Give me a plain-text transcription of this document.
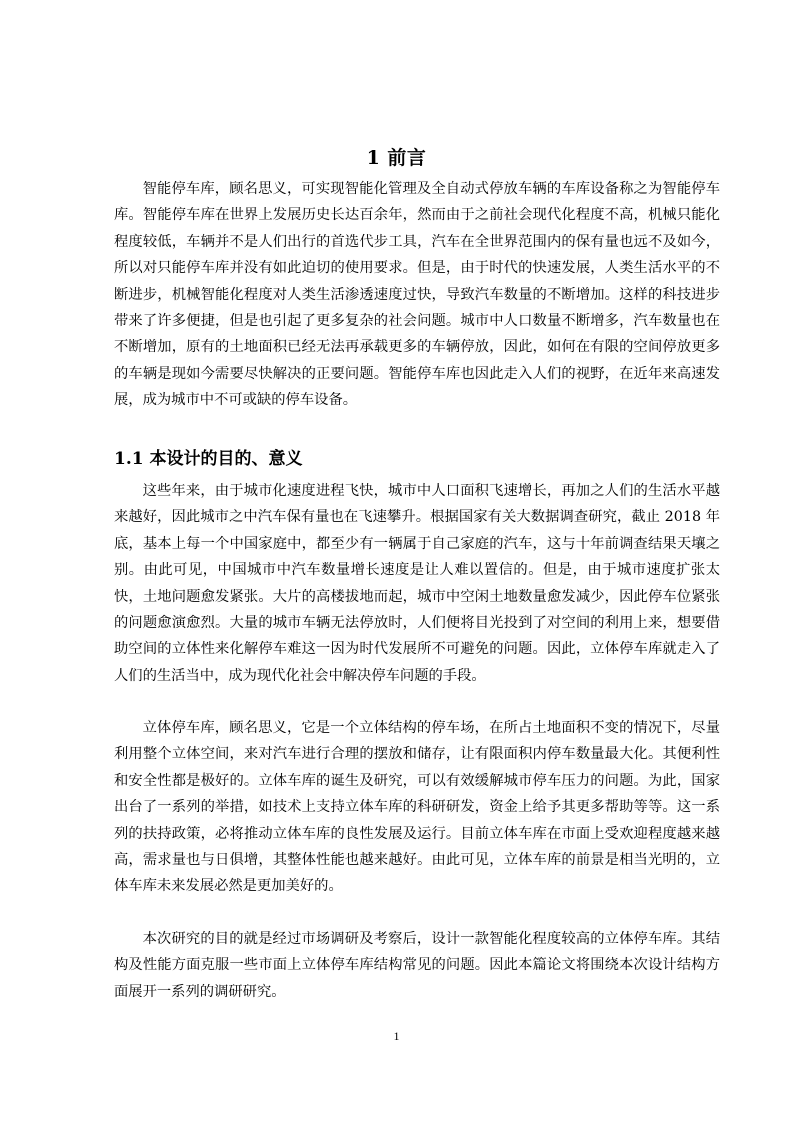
1 前言

智能停车库，顾名思义，可实现智能化管理及全自动式停放车辆的车库设备称之为智能停车库。智能停车库在世界上发展历史长达百余年，然而由于之前社会现代化程度不高，机械只能化程度较低，车辆并不是人们出行的首选代步工具，汽车在全世界范围内的保有量也远不及如今，所以对只能停车库并没有如此迫切的使用要求。但是，由于时代的快速发展，人类生活水平的不断进步，机械智能化程度对人类生活渗透速度过快，导致汽车数量的不断增加。这样的科技进步带来了许多便捷，但是也引起了更多复杂的社会问题。城市中人口数量不断增多，汽车数量也在不断增加，原有的土地面积已经无法再承载更多的车辆停放，因此，如何在有限的空间停放更多的车辆是现如今需要尽快解决的正要问题。智能停车库也因此走入人们的视野，在近年来高速发展，成为城市中不可或缺的停车设备。

1.1 本设计的目的、意义

这些年来，由于城市化速度进程飞快，城市中人口面积飞速增长，再加之人们的生活水平越来越好，因此城市之中汽车保有量也在飞速攀升。根据国家有关大数据调查研究，截止 2018 年底，基本上每一个中国家庭中，都至少有一辆属于自己家庭的汽车，这与十年前调查结果天壤之别。由此可见，中国城市中汽车数量增长速度是让人难以置信的。但是，由于城市速度扩张太快，土地问题愈发紧张。大片的高楼拔地而起，城市中空闲土地数量愈发减少，因此停车位紧张的问题愈演愈烈。大量的城市车辆无法停放时，人们便将目光投到了对空间的利用上来，想要借助空间的立体性来化解停车难这一因为时代发展所不可避免的问题。因此，立体停车库就走入了人们的生活当中，成为现代化社会中解决停车问题的手段。

立体停车库，顾名思义，它是一个立体结构的停车场，在所占土地面积不变的情况下，尽量利用整个立体空间，来对汽车进行合理的摆放和储存，让有限面积内停车数量最大化。其便利性和安全性都是极好的。立体车库的诞生及研究，可以有效缓解城市停车压力的问题。为此，国家出台了一系列的举措，如技术上支持立体车库的科研研发，资金上给予其更多帮助等等。这一系列的扶持政策，必将推动立体车库的良性发展及运行。目前立体车库在市面上受欢迎程度越来越高，需求量也与日俱增，其整体性能也越来越好。由此可见，立体车库的前景是相当光明的，立体车库未来发展必然是更加美好的。

本次研究的目的就是经过市场调研及考察后，设计一款智能化程度较高的立体停车库。其结构及性能方面克服一些市面上立体停车库结构常见的问题。因此本篇论文将围绕本次设计结构方面展开一系列的调研研究。

1
